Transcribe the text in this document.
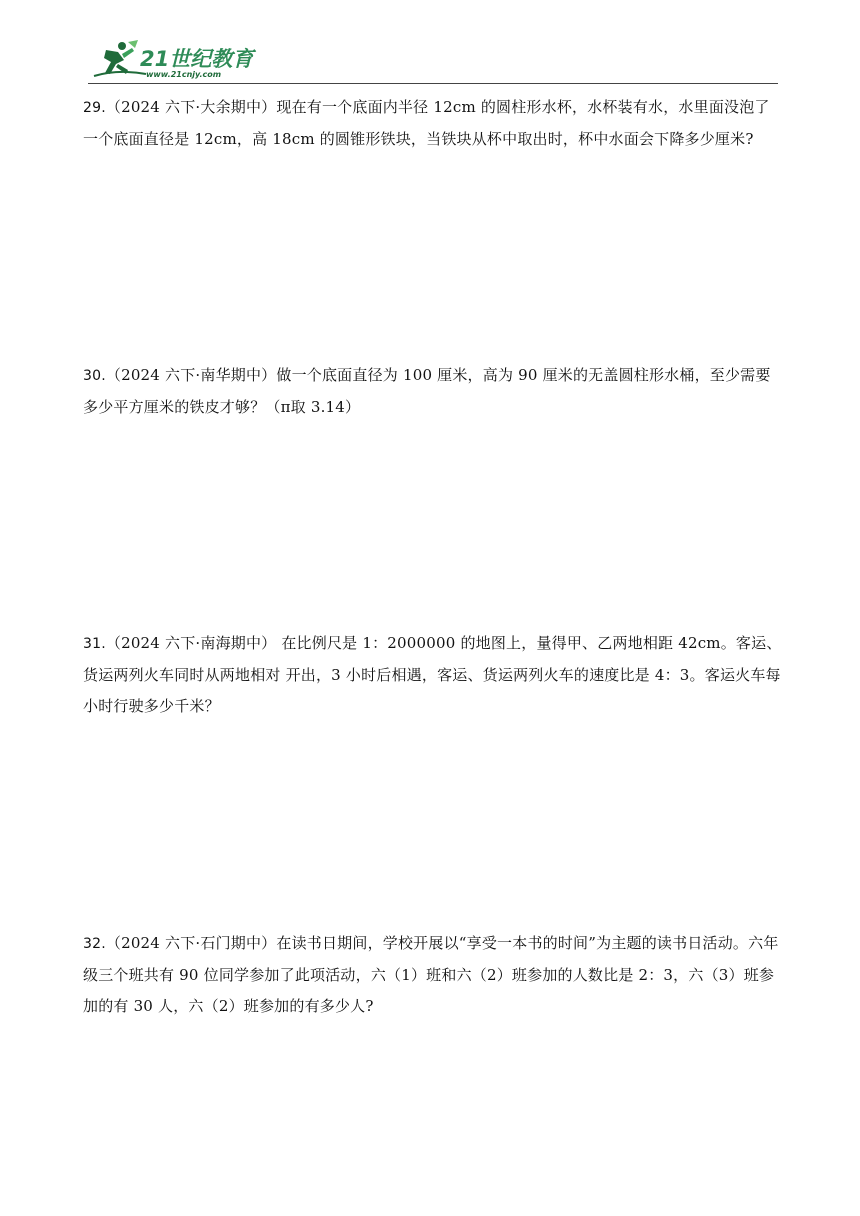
21世纪教育
www.21cnjy.com

29.（2024 六下·大余期中）现在有一个底面内半径 12cm 的圆柱形水杯，水杯装有水，水里面没泡了一个底面直径是 12cm，高 18cm 的圆锥形铁块，当铁块从杯中取出时，杯中水面会下降多少厘米?

30.（2024 六下·南华期中）做一个底面直径为 100 厘米，高为 90 厘米的无盖圆柱形水桶，至少需要多少平方厘米的铁皮才够？（π取 3.14）

31.（2024 六下·南海期中） 在比例尺是 1：2000000 的地图上，量得甲、乙两地相距 42cm。客运、货运两列火车同时从两地相对 开出，3 小时后相遇，客运、货运两列火车的速度比是 4：3。客运火车每小时行驶多少千米？

32.（2024 六下·石门期中）在读书日期间，学校开展以“享受一本书的时间”为主题的读书日活动。六年级三个班共有 90 位同学参加了此项活动，六（1）班和六（2）班参加的人数比是 2：3，六（3）班参加的有 30 人，六（2）班参加的有多少人?
